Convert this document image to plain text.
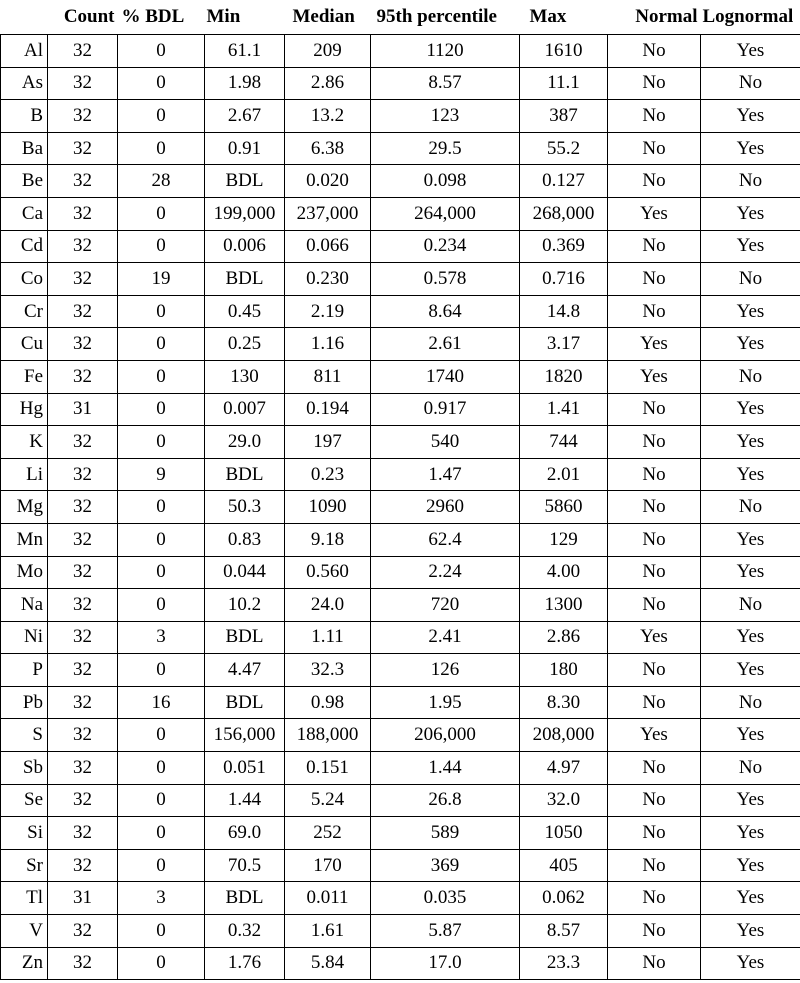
	Count	% BDL	Min	Median	95th percentile	Max	Normal	Lognormal
Al	32	0	61.1	209	1120	1610	No	Yes
As	32	0	1.98	2.86	8.57	11.1	No	No
B	32	0	2.67	13.2	123	387	No	Yes
Ba	32	0	0.91	6.38	29.5	55.2	No	Yes
Be	32	28	BDL	0.020	0.098	0.127	No	No
Ca	32	0	199,000	237,000	264,000	268,000	Yes	Yes
Cd	32	0	0.006	0.066	0.234	0.369	No	Yes
Co	32	19	BDL	0.230	0.578	0.716	No	No
Cr	32	0	0.45	2.19	8.64	14.8	No	Yes
Cu	32	0	0.25	1.16	2.61	3.17	Yes	Yes
Fe	32	0	130	811	1740	1820	Yes	No
Hg	31	0	0.007	0.194	0.917	1.41	No	Yes
K	32	0	29.0	197	540	744	No	Yes
Li	32	9	BDL	0.23	1.47	2.01	No	Yes
Mg	32	0	50.3	1090	2960	5860	No	No
Mn	32	0	0.83	9.18	62.4	129	No	Yes
Mo	32	0	0.044	0.560	2.24	4.00	No	Yes
Na	32	0	10.2	24.0	720	1300	No	No
Ni	32	3	BDL	1.11	2.41	2.86	Yes	Yes
P	32	0	4.47	32.3	126	180	No	Yes
Pb	32	16	BDL	0.98	1.95	8.30	No	No
S	32	0	156,000	188,000	206,000	208,000	Yes	Yes
Sb	32	0	0.051	0.151	1.44	4.97	No	No
Se	32	0	1.44	5.24	26.8	32.0	No	Yes
Si	32	0	69.0	252	589	1050	No	Yes
Sr	32	0	70.5	170	369	405	No	Yes
Tl	31	3	BDL	0.011	0.035	0.062	No	Yes
V	32	0	0.32	1.61	5.87	8.57	No	Yes
Zn	32	0	1.76	5.84	17.0	23.3	No	Yes
